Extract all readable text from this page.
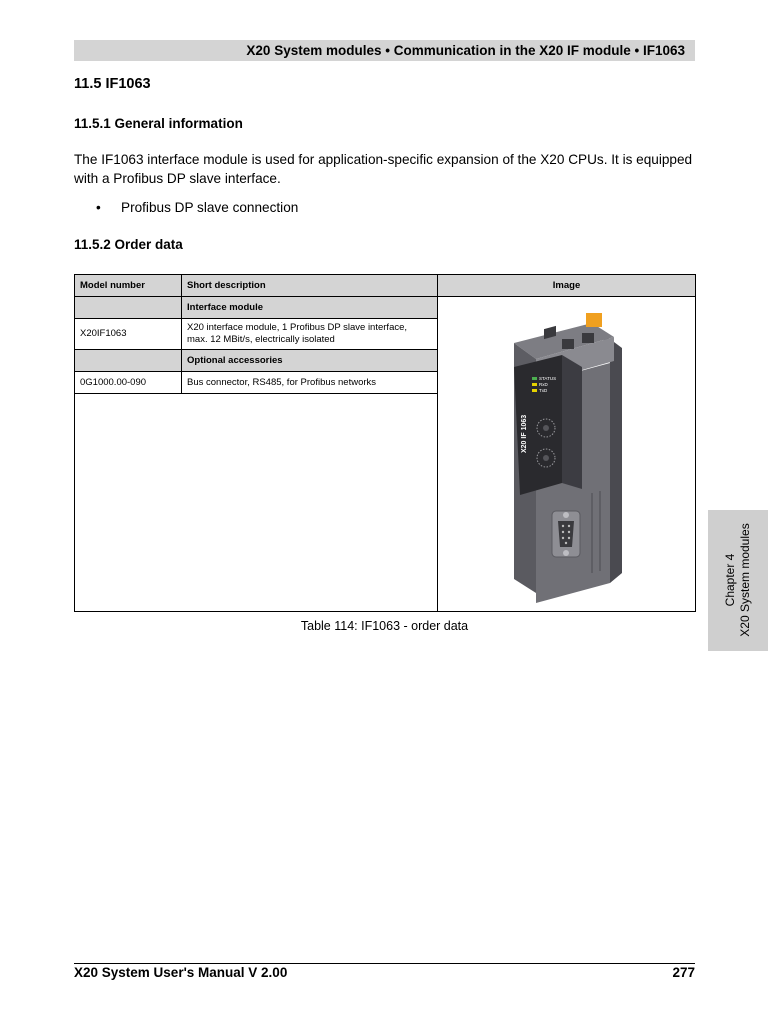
X20 System modules • Communication in the X20 IF module • IF1063
11.5 IF1063
11.5.1 General information
The IF1063 interface module is used for application-specific expansion of the X20 CPUs. It is equipped with a Profibus DP slave interface.
• Profibus DP slave connection
11.5.2 Order data
Model number	Short description	Image
	Interface module	X20 IF 1063
STATUS
RxD
TxD

X20IF1063	X20 interface module, 1 Profibus DP slave interface,
max. 12 MBit/s, electrically isolated	
	Optional accessories	
0G1000.00-090	Bus connector, RS485, for Profibus networks	

Table 114: IF1063 - order data
Chapter 4
X20 System modules
X20 System User's Manual V 2.00	277
